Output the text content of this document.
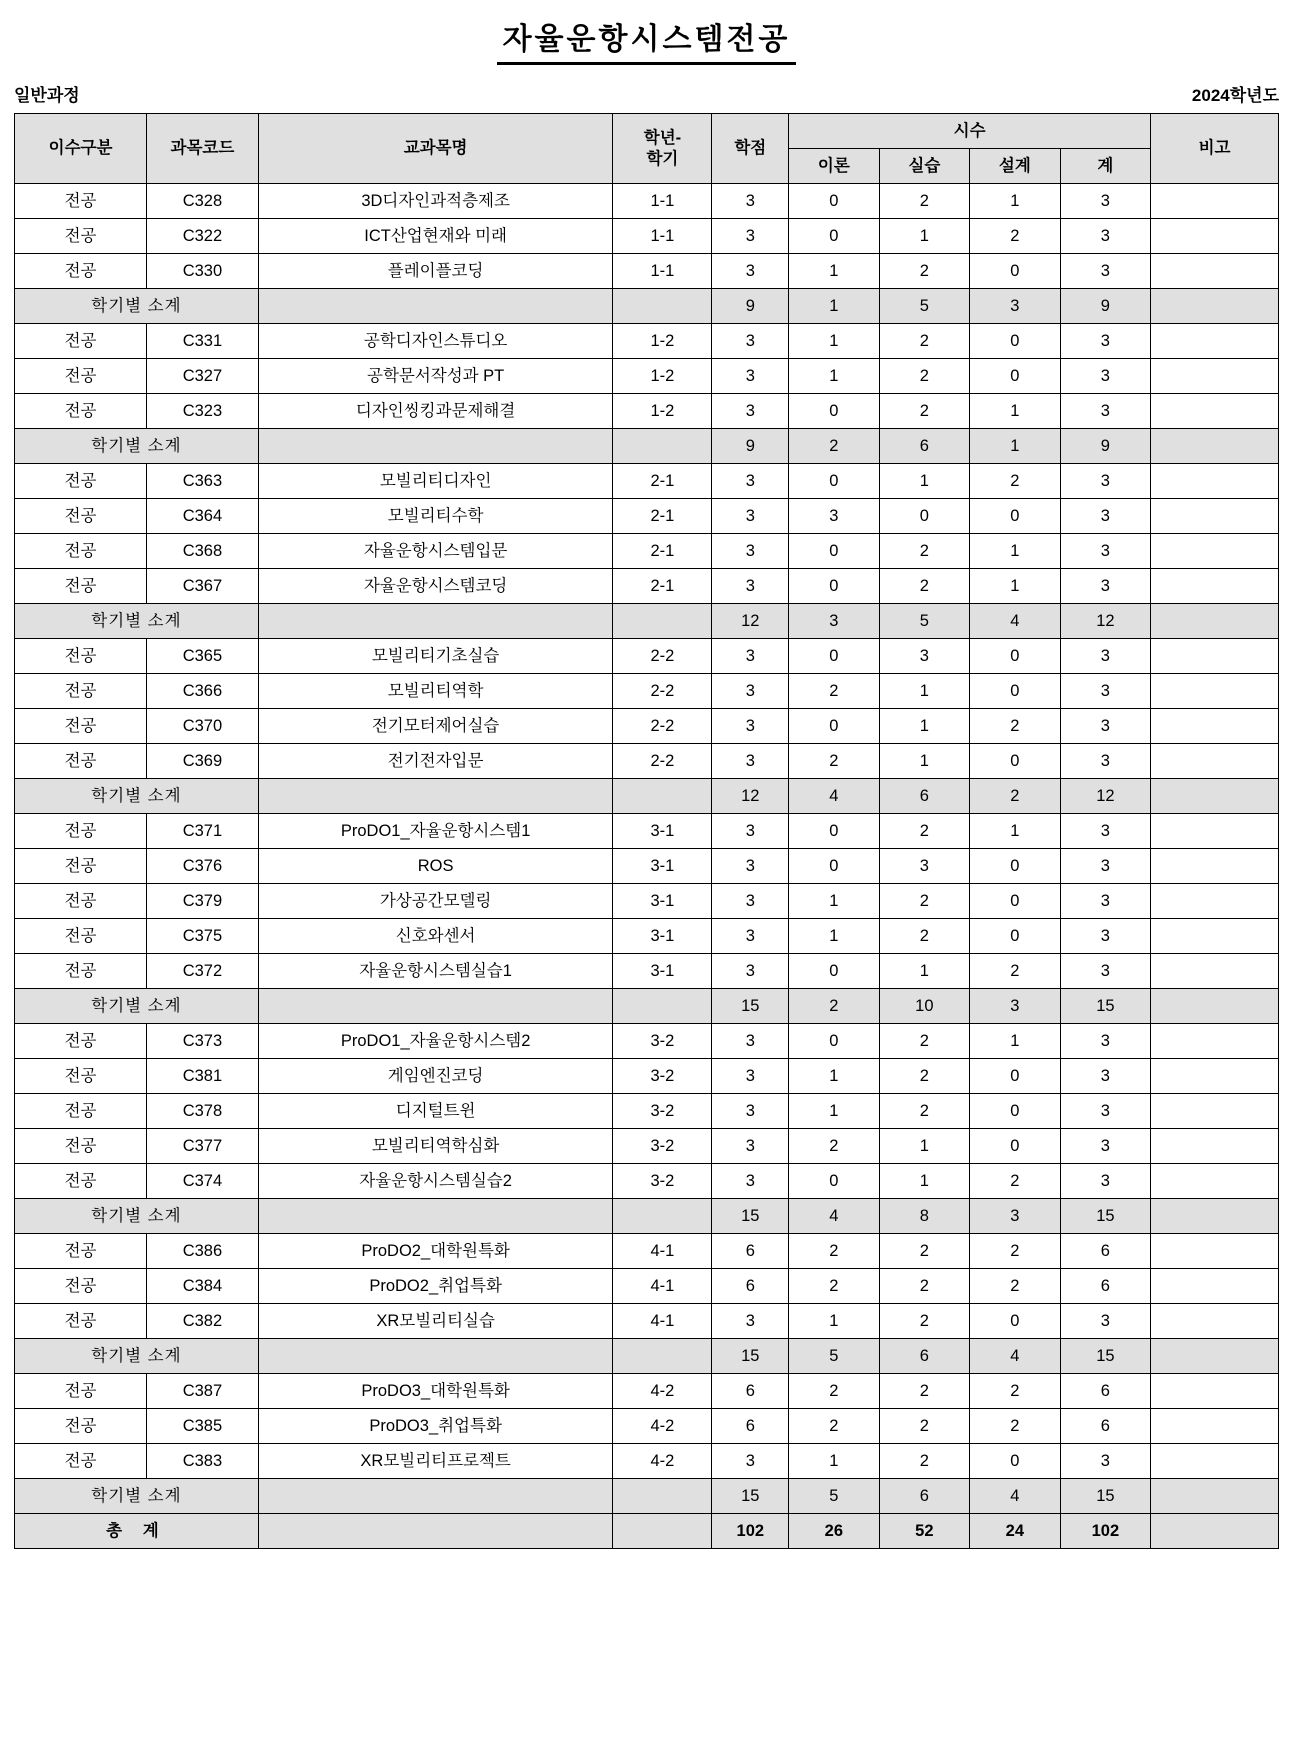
자율운항시스템전공
일반과정	2024학년도
이수구분	과목코드	교과목명	학년-
학기	학점	시수				비고
					이론	실습	설계	계	
전공	C328	3D디자인과적층제조	1-1	3	0	2	1	3	
전공	C322	ICT산업현재와 미래	1-1	3	0	1	2	3	
전공	C330	플레이플코딩	1-1	3	1	2	0	3	
학기별 소계				9	1	5	3	9	
전공	C331	공학디자인스튜디오	1-2	3	1	2	0	3	
전공	C327	공학문서작성과 PT	1-2	3	1	2	0	3	
전공	C323	디자인씽킹과문제해결	1-2	3	0	2	1	3	
학기별 소계				9	2	6	1	9	
전공	C363	모빌리티디자인	2-1	3	0	1	2	3	
전공	C364	모빌리티수학	2-1	3	3	0	0	3	
전공	C368	자율운항시스템입문	2-1	3	0	2	1	3	
전공	C367	자율운항시스템코딩	2-1	3	0	2	1	3	
학기별 소계				12	3	5	4	12	
전공	C365	모빌리티기초실습	2-2	3	0	3	0	3	
전공	C366	모빌리티역학	2-2	3	2	1	0	3	
전공	C370	전기모터제어실습	2-2	3	0	1	2	3	
전공	C369	전기전자입문	2-2	3	2	1	0	3	
학기별 소계				12	4	6	2	12	
전공	C371	ProDO1_자율운항시스템1	3-1	3	0	2	1	3	
전공	C376	ROS	3-1	3	0	3	0	3	
전공	C379	가상공간모델링	3-1	3	1	2	0	3	
전공	C375	신호와센서	3-1	3	1	2	0	3	
전공	C372	자율운항시스템실습1	3-1	3	0	1	2	3	
학기별 소계				15	2	10	3	15	
전공	C373	ProDO1_자율운항시스템2	3-2	3	0	2	1	3	
전공	C381	게임엔진코딩	3-2	3	1	2	0	3	
전공	C378	디지털트윈	3-2	3	1	2	0	3	
전공	C377	모빌리티역학심화	3-2	3	2	1	0	3	
전공	C374	자율운항시스템실습2	3-2	3	0	1	2	3	
학기별 소계				15	4	8	3	15	
전공	C386	ProDO2_대학원특화	4-1	6	2	2	2	6	
전공	C384	ProDO2_취업특화	4-1	6	2	2	2	6	
전공	C382	XR모빌리티실습	4-1	3	1	2	0	3	
학기별 소계				15	5	6	4	15	
전공	C387	ProDO3_대학원특화	4-2	6	2	2	2	6	
전공	C385	ProDO3_취업특화	4-2	6	2	2	2	6	
전공	C383	XR모빌리티프로젝트	4-2	3	1	2	0	3	
학기별 소계				15	5	6	4	15	
총 계				102	26	52	24	102	
